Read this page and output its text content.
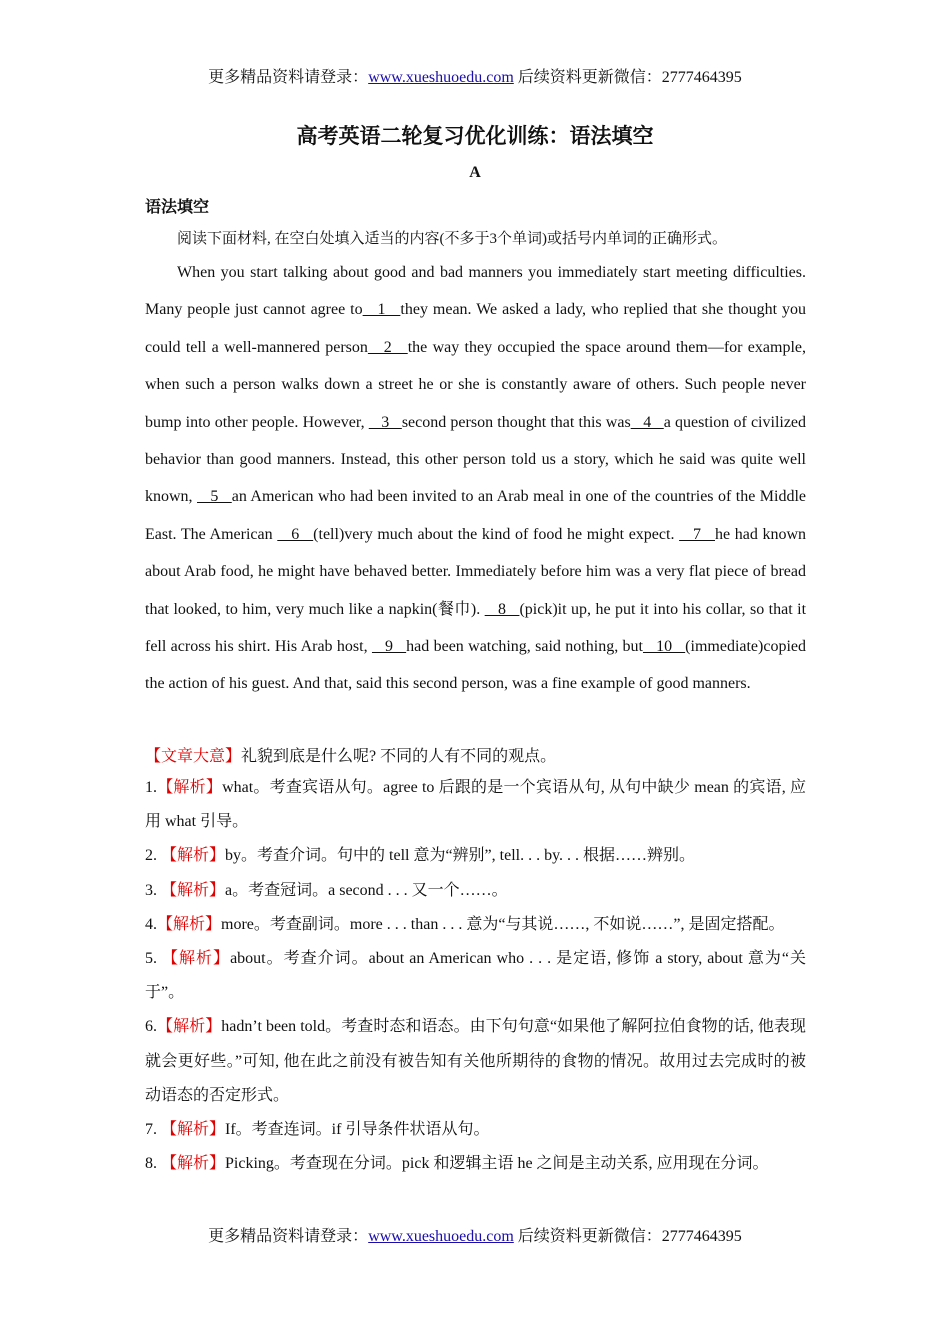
更多精品资料请登录：www.xueshuoedu.com 后续资料更新微信：2777464395
高考英语二轮复习优化训练：语法填空
A
语法填空
阅读下面材料, 在空白处填入适当的内容(不多于3个单词)或括号内单词的正确形式。

When you start talking about good and bad manners you immediately start meeting difficulties. Many people just cannot agree to   1   they mean. We asked a lady, who replied that she thought you could tell a well-mannered person   2   the way they occupied the space around them—for example, when such a person walks down a street he or she is constantly aware of others. Such people never bump into other people. However,    3   second person thought that this was   4   a question of civilized behavior than good manners. Instead, this other person told us a story, which he said was quite well known,    5   an American who had been invited to an Arab meal in one of the countries of the Middle East. The American    6   (tell)very much about the kind of food he might expect.    7   he had known about Arab food, he might have behaved better. Immediately before him was a very flat piece of bread that looked, to him, very much like a napkin(餐巾).    8   (pick)it up, he put it into his collar, so that it fell across his shirt. His Arab host,    9   had been watching, said nothing, but   10   (immediate)copied the action of his guest. And that, said this second person, was a fine example of good manners.

【文章大意】礼貌到底是什么呢? 不同的人有不同的观点。

1.【解析】what。考查宾语从句。agree to 后跟的是一个宾语从句, 从句中缺少 mean 的宾语, 应用 what 引导。

2. 【解析】by。考查介词。句中的 tell 意为“辨别”, tell. . . by. . . 根据……辨别。

3. 【解析】a。考查冠词。a second . . . 又一个……。

4.【解析】more。考查副词。more . . . than . . . 意为“与其说……, 不如说……”, 是固定搭配。

5. 【解析】about。考查介词。about an American who . . . 是定语, 修饰 a story, about 意为“关于”。

6.【解析】hadn’t been told。考查时态和语态。由下句句意“如果他了解阿拉伯食物的话, 他表现就会更好些。”可知, 他在此之前没有被告知有关他所期待的食物的情况。故用过去完成时的被动语态的否定形式。

7. 【解析】If。考查连词。if 引导条件状语从句。

8. 【解析】Picking。考查现在分词。pick 和逻辑主语 he 之间是主动关系, 应用现在分词。

更多精品资料请登录：www.xueshuoedu.com 后续资料更新微信：2777464395
